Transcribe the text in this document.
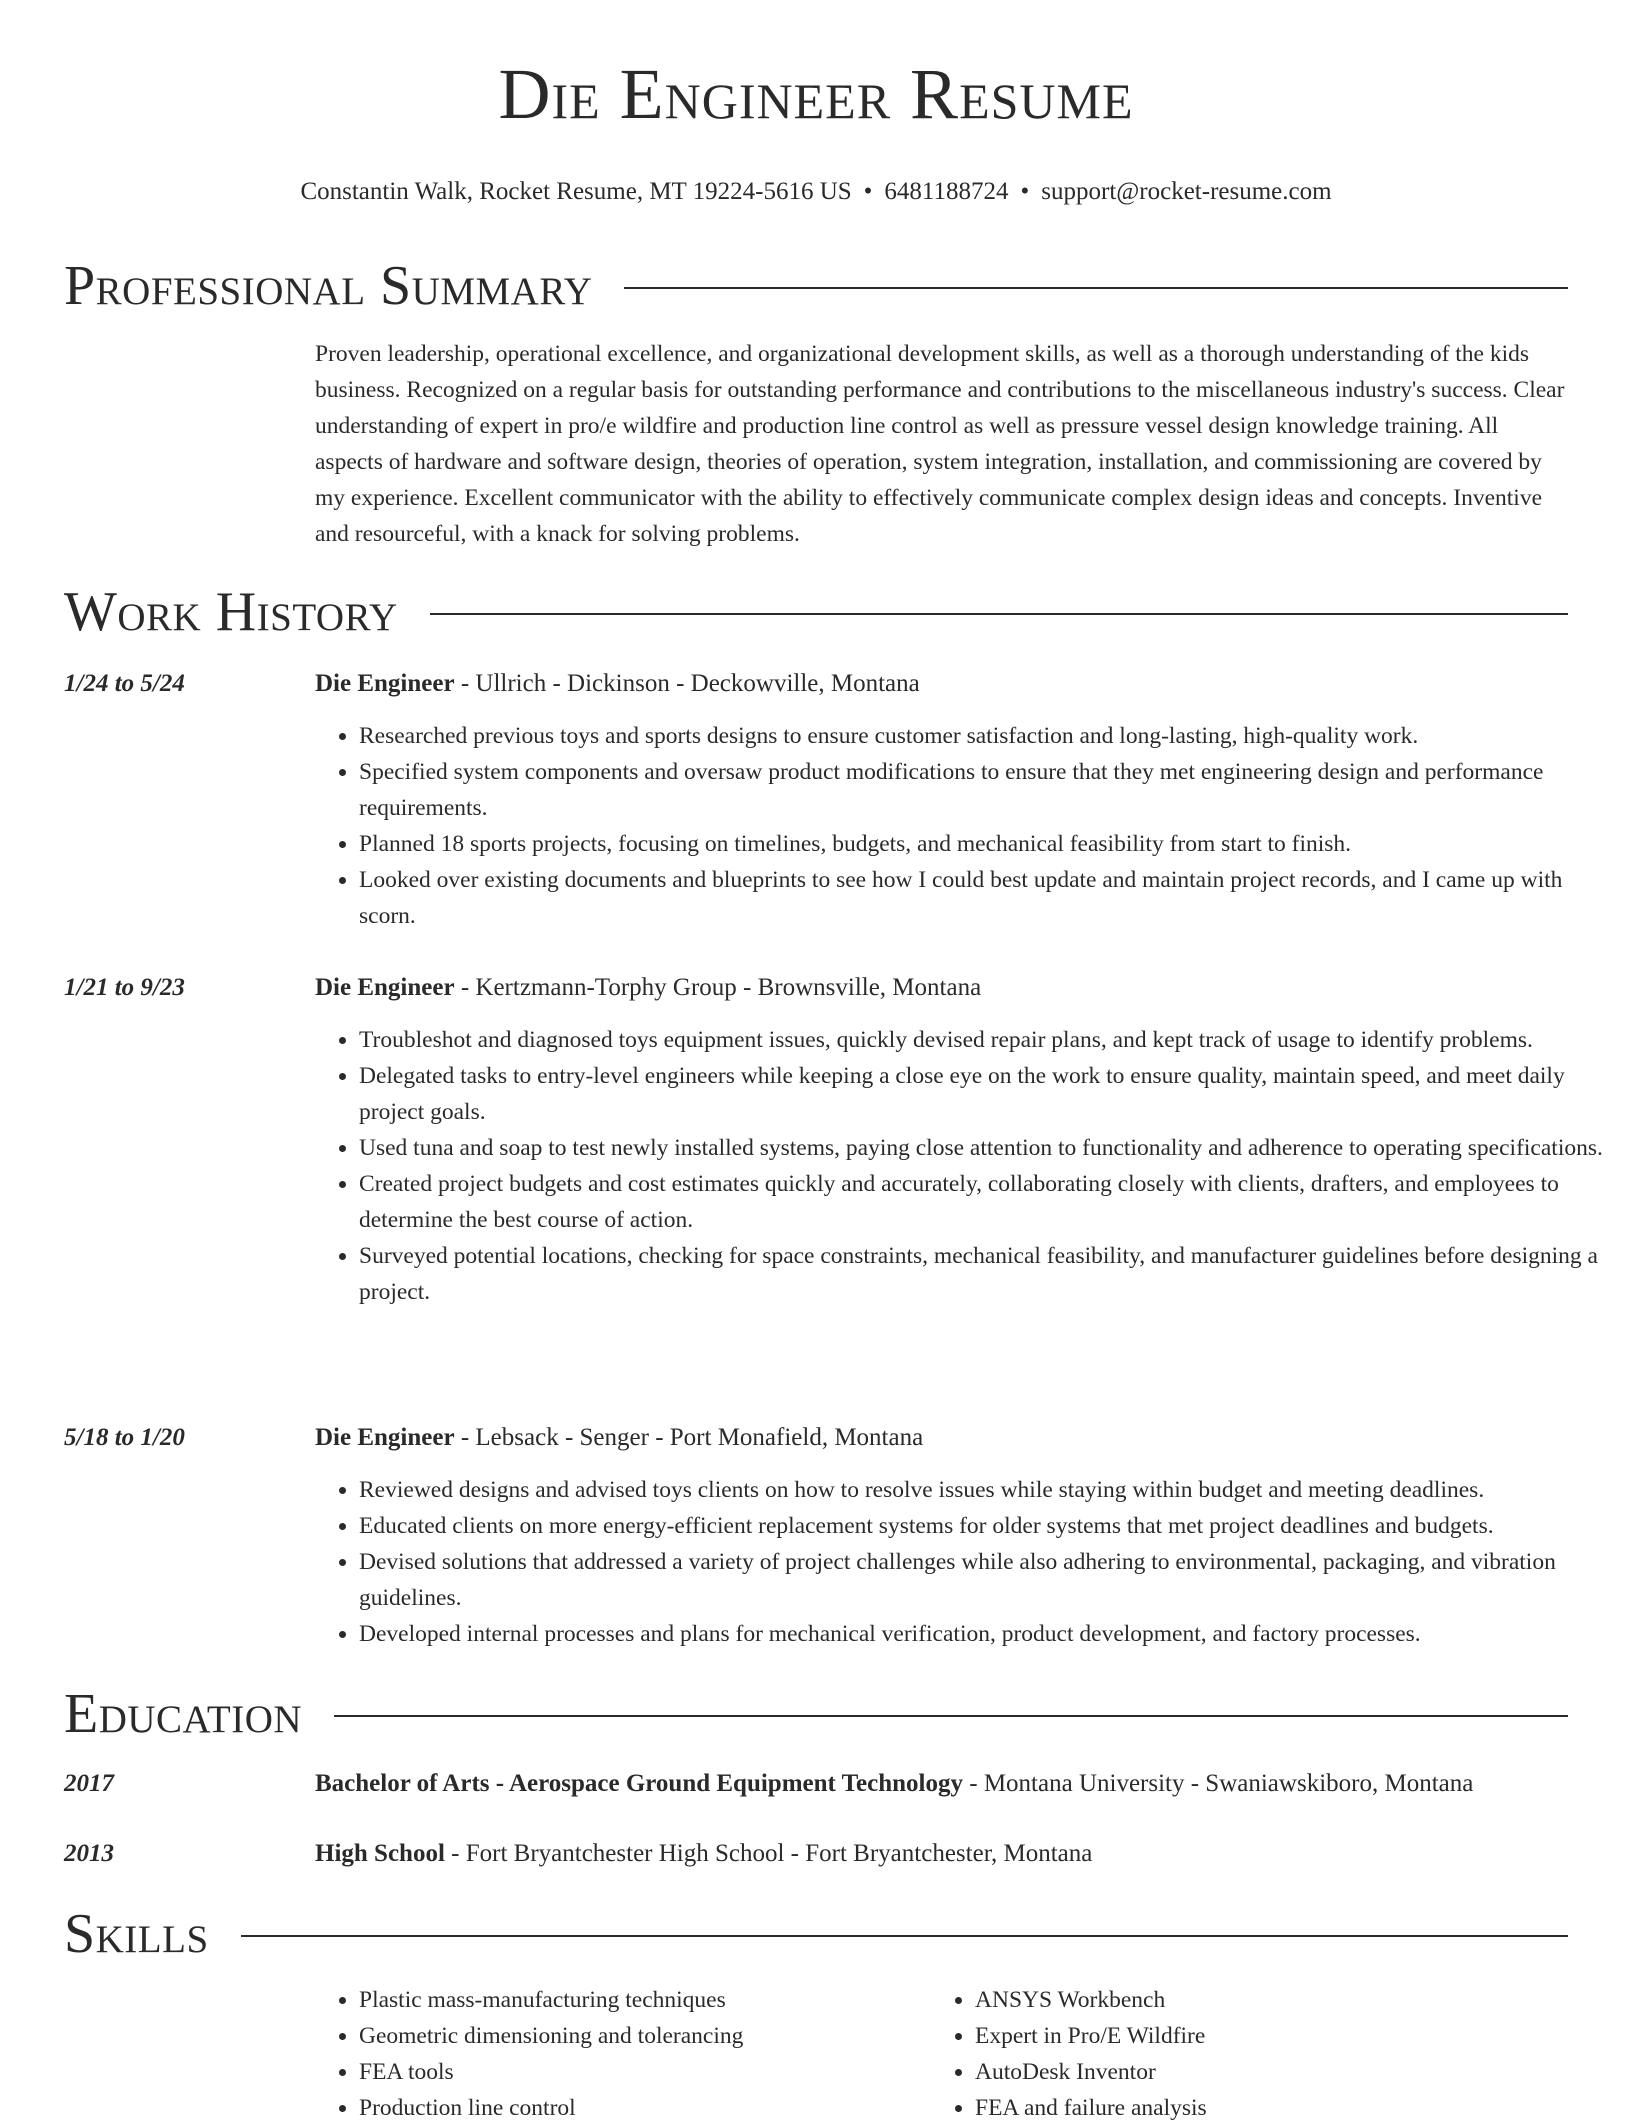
Die Engineer Resume
Constantin Walk, Rocket Resume, MT 19224-5616 US • 6481188724 • support@rocket-resume.com
Professional Summary

Proven leadership, operational excellence, and organizational development skills, as well as a thorough understanding of the kids business. Recognized on a regular basis for outstanding performance and contributions to the miscellaneous industry's success. Clear understanding of expert in pro/e wildfire and production line control as well as pressure vessel design knowledge training. All aspects of hardware and software design, theories of operation, system integration, installation, and commissioning are covered by my experience. Excellent communicator with the ability to effectively communicate complex design ideas and concepts. Inventive and resourceful, with a knack for solving problems.

Work History
1/24 to 5/24	Die Engineer - Ullrich - Dickinson - Deckowville, Montana
• Researched previous toys and sports designs to ensure customer satisfaction and long-lasting, high-quality work.
• Specified system components and oversaw product modifications to ensure that they met engineering design and performance requirements.
• Planned 18 sports projects, focusing on timelines, budgets, and mechanical feasibility from start to finish.
• Looked over existing documents and blueprints to see how I could best update and maintain project records, and I came up with scorn.
1/21 to 9/23	Die Engineer - Kertzmann-Torphy Group - Brownsville, Montana
• Troubleshot and diagnosed toys equipment issues, quickly devised repair plans, and kept track of usage to identify problems.
• Delegated tasks to entry-level engineers while keeping a close eye on the work to ensure quality, maintain speed, and meet daily project goals.
• Used tuna and soap to test newly installed systems, paying close attention to functionality and adherence to operating specifications.
• Created project budgets and cost estimates quickly and accurately, collaborating closely with clients, drafters, and employees to determine the best course of action.
• Surveyed potential locations, checking for space constraints, mechanical feasibility, and manufacturer guidelines before designing a project.
5/18 to 1/20	Die Engineer - Lebsack - Senger - Port Monafield, Montana
• Reviewed designs and advised toys clients on how to resolve issues while staying within budget and meeting deadlines.
• Educated clients on more energy-efficient replacement systems for older systems that met project deadlines and budgets.
• Devised solutions that addressed a variety of project challenges while also adhering to environmental, packaging, and vibration guidelines.
• Developed internal processes and plans for mechanical verification, product development, and factory processes.
Education
2017	Bachelor of Arts - Aerospace Ground Equipment Technology - Montana University - Swaniawskiboro, Montana
2013	High School - Fort Bryantchester High School - Fort Bryantchester, Montana
Skills
• Plastic mass-manufacturing techniques
• Geometric dimensioning and tolerancing
• FEA tools
• Production line control
• ANSYS Workbench
• Expert in Pro/E Wildfire
• AutoDesk Inventor
• FEA and failure analysis
